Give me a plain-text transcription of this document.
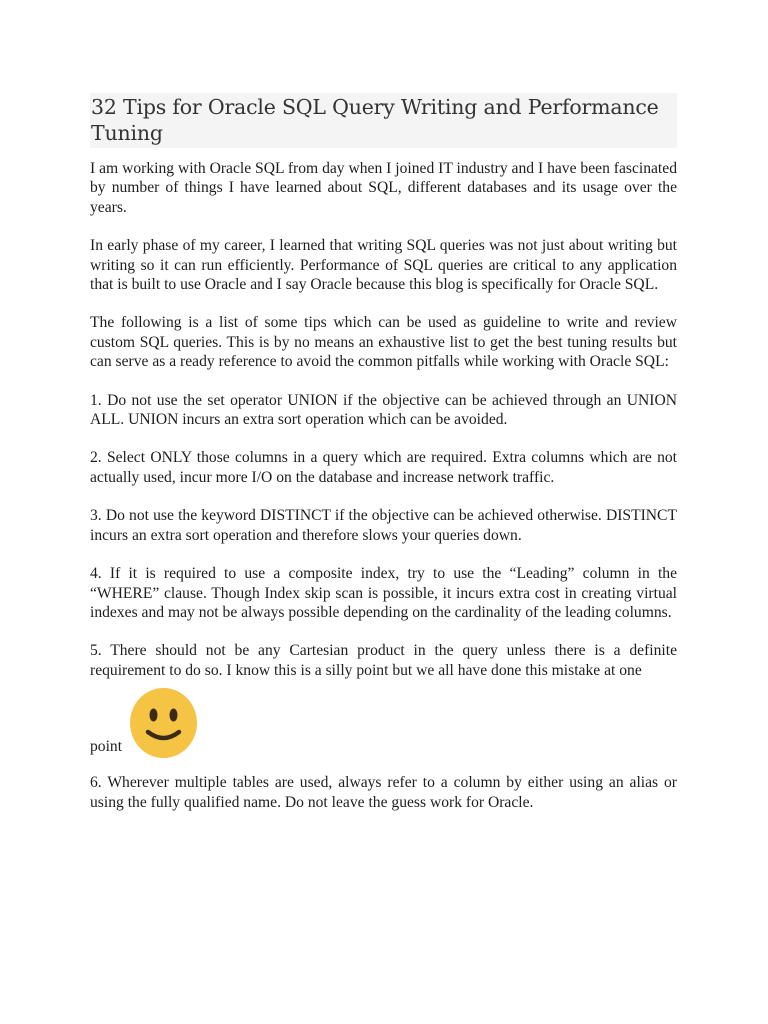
32 Tips for Oracle SQL Query Writing and Performance Tuning

I am working with Oracle SQL from day when I joined IT industry and I have been fascinated by number of things I have learned about SQL, different databases and its usage over the years.

In early phase of my career, I learned that writing SQL queries was not just about writing but writing so it can run efficiently. Performance of SQL queries are critical to any application that is built to use Oracle and I say Oracle because this blog is specifically for Oracle SQL.

The following is a list of some tips which can be used as guideline to write and review custom SQL queries. This is by no means an exhaustive list to get the best tuning results but can serve as a ready reference to avoid the common pitfalls while working with Oracle SQL:

1. Do not use the set operator UNION if the objective can be achieved through an UNION ALL. UNION incurs an extra sort operation which can be avoided.

2. Select ONLY those columns in a query which are required. Extra columns which are not actually used, incur more I/O on the database and increase network traffic.

3. Do not use the keyword DISTINCT if the objective can be achieved otherwise. DISTINCT incurs an extra sort operation and therefore slows your queries down.

4. If it is required to use a composite index, try to use the “Leading” column in the “WHERE” clause. Though Index skip scan is possible, it incurs extra cost in creating virtual indexes and may not be always possible depending on the cardinality of the leading columns.

5. There should not be any Cartesian product in the query unless there is a definite requirement to do so. I know this is a silly point but we all have done this mistake at one

point

6. Wherever multiple tables are used, always refer to a column by either using an alias or using the fully qualified name. Do not leave the guess work for Oracle.
